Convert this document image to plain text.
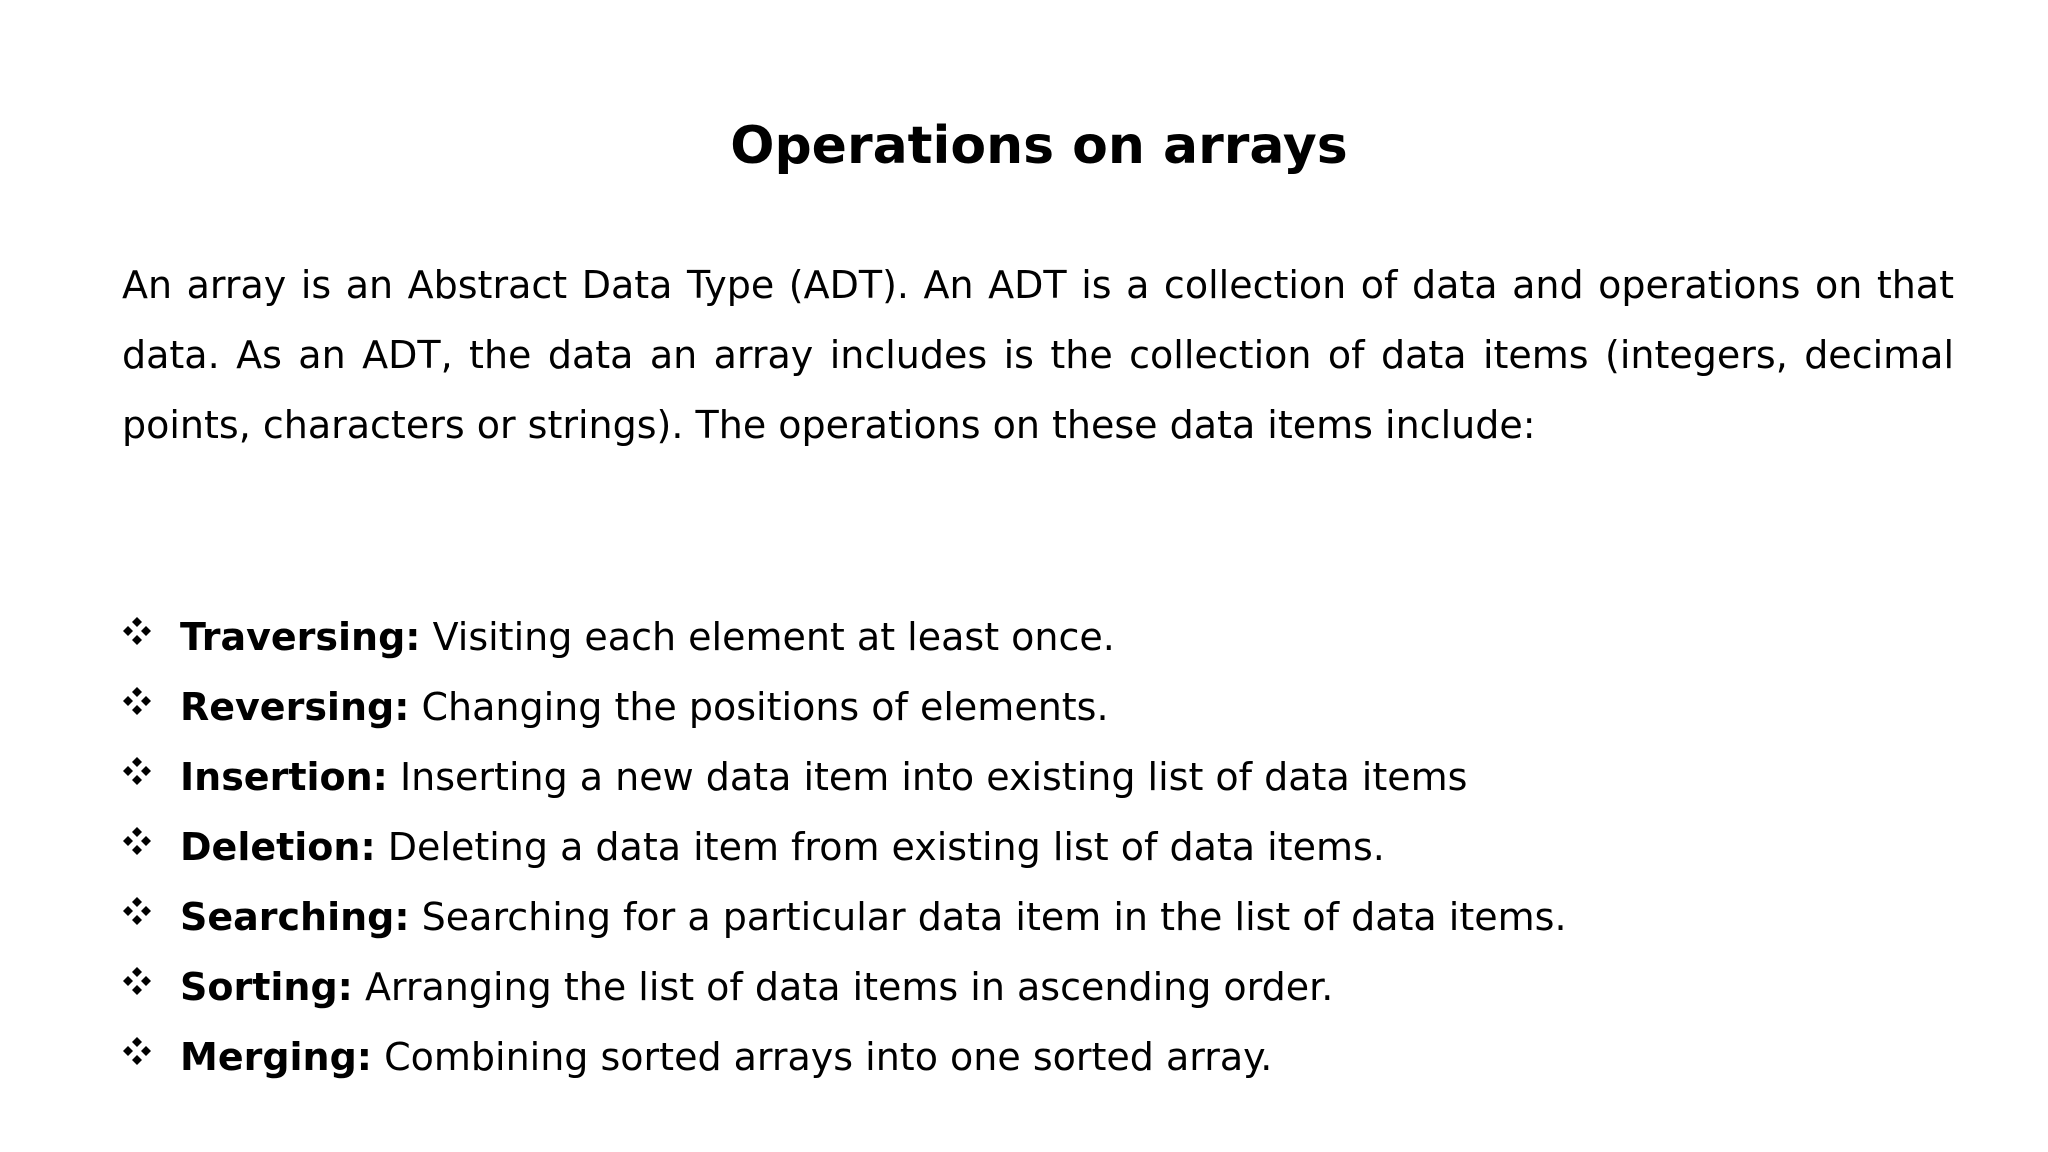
Operations on arrays

An array is an Abstract Data Type (ADT). An ADT is a collection of data and operations on that data. As an ADT, the data an array includes is the collection of data items (integers, decimal points, characters or strings). The operations on these data items include:

Traversing: Visiting each element at least once.
Reversing: Changing the positions of elements.
Insertion: Inserting a new data item into existing list of data items
Deletion: Deleting a data item from existing list of data items.
Searching: Searching for a particular data item in the list of data items.
Sorting: Arranging the list of data items in ascending order.
Merging: Combining sorted arrays into one sorted array.
